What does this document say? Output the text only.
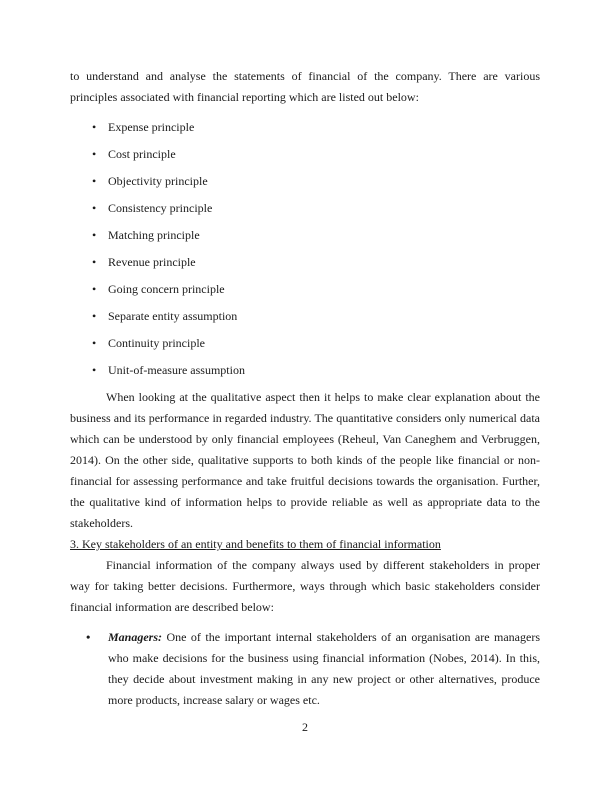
to understand and analyse the statements of financial of the company. There are various principles associated with financial reporting which are listed out below:

• Expense principle
• Cost principle
• Objectivity principle
• Consistency principle
• Matching principle
• Revenue principle
• Going concern principle
• Separate entity assumption
• Continuity principle
• Unit-of-measure assumption

When looking at the qualitative aspect then it helps to make clear explanation about the business and its performance in regarded industry. The quantitative considers only numerical data which can be understood by only financial employees (Reheul, Van Caneghem and Verbruggen, 2014). On the other side, qualitative supports to both kinds of the people like financial or non-financial for assessing performance and take fruitful decisions towards the organisation. Further, the qualitative kind of information helps to provide reliable as well as appropriate data to the stakeholders.

3. Key stakeholders of an entity and benefits to them of financial information

Financial information of the company always used by different stakeholders in proper way for taking better decisions. Furthermore, ways through which basic stakeholders consider financial information are described below:

• Managers: One of the important internal stakeholders of an organisation are managers who make decisions for the business using financial information (Nobes, 2014). In this, they decide about investment making in any new project or other alternatives, produce more products, increase salary or wages etc.
2
